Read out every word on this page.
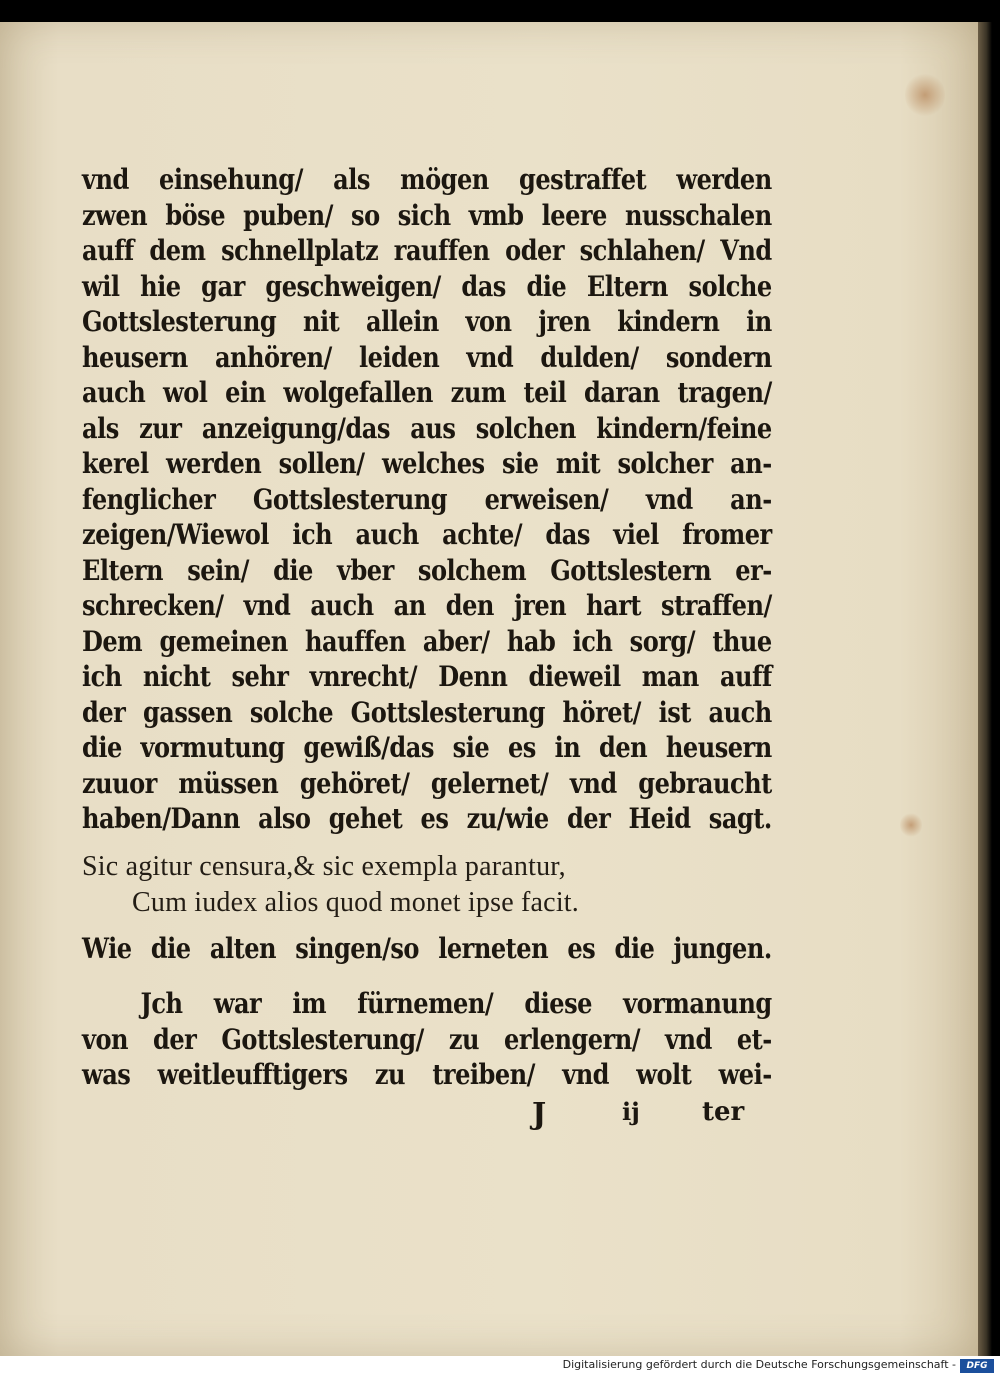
vnd einsehung/ als mögen gestraffet werden
zwen böse puben/ so sich vmb leere nusschalen
auff dem schnellplatz rauffen oder schlahen/ Vnd
wil hie gar geschweigen/ das die Eltern solche
Gottslesterung nit allein von jren kindern in
heusern anhören/ leiden vnd dulden/ sondern
auch wol ein wolgefallen zum teil daran tragen/
als zur anzeigung/das aus solchen kindern/feine
kerel werden sollen/ welches sie mit solcher an-
fenglicher Gottslesterung erweisen/ vnd an-
zeigen/Wiewol ich auch achte/ das viel fromer
Eltern sein/ die vber solchem Gottslestern er-
schrecken/ vnd auch an den jren hart straffen/
Dem gemeinen hauffen aber/ hab ich sorg/ thue
ich nicht sehr vnrecht/ Denn dieweil man auff
der gassen solche Gottslesterung höret/ ist auch
die vormutung gewiß/das sie es in den heusern
zuuor müssen gehöret/ gelernet/ vnd gebraucht
haben/Dann also gehet es zu/wie der Heid sagt.
Sic agitur censura,& sic exempla parantur,
Cum iudex alios quod monet ipse facit.
Wie die alten singen/so lerneten es die jungen.
Jch war im fürnemen/ diese vormanung
von der Gottslesterung/ zu erlengern/ vnd et-
was weitleufftigers zu treiben/ vnd wolt wei-
J	ij ter
Digitalisierung gefördert durch die Deutsche Forschungsgemeinschaft -	DFG
